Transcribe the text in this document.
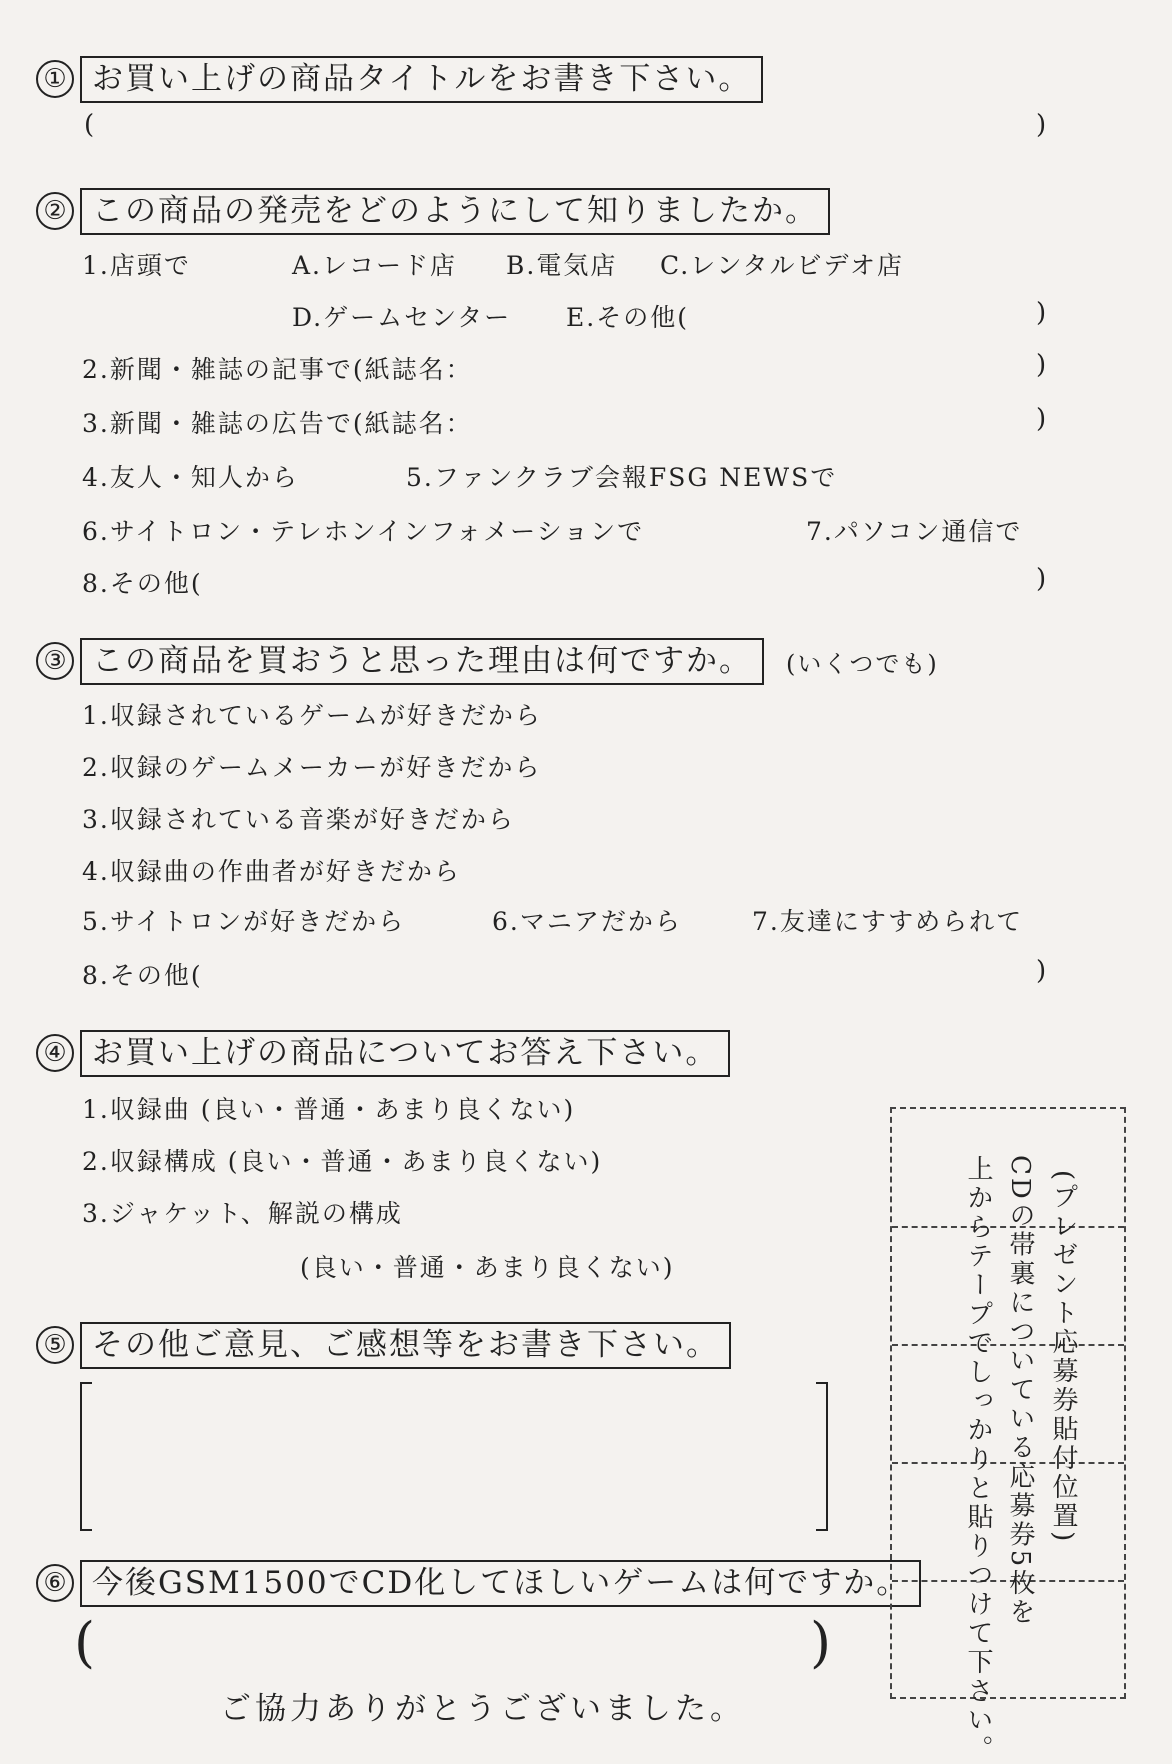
① お買い上げの商品タイトルをお書き下さい。
(	)
② この商品の発売をどのようにして知りましたか。
1.店頭で	A.レコード店 B.電気店 C.レンタルビデオ店
D.ゲームセンター E.その他(	)
2.新聞・雑誌の記事で(紙誌名：	)
3.新聞・雑誌の広告で(紙誌名：	)
4.友人・知人から	5.ファンクラブ会報FSG NEWSで
6.サイトロン・テレホンインフォメーションで	7.パソコン通信で
8.その他(	)
③ この商品を買おうと思った理由は何ですか。	(いくつでも)
1.収録されているゲームが好きだから
2.収録のゲームメーカーが好きだから
3.収録されている音楽が好きだから
4.収録曲の作曲者が好きだから
5.サイトロンが好きだから	6.マニアだから	7.友達にすすめられて
8.その他(	)
④ お買い上げの商品についてお答え下さい。
1.収録曲 (良い・普通・あまり良くない)
2.収録構成 (良い・普通・あまり良くない)
3.ジャケット、解説の構成
(良い・普通・あまり良くない)
⑤ その他ご意見、ご感想等をお書き下さい。
⑥ 今後GSM1500でCD化してほしいゲームは何ですか。
(	)
(プレゼント応募券貼付位置)
CDの帯裏についている応募券5枚を
上からテープでしっかりと貼りつけて下さい。
ご協力ありがとうございました。
